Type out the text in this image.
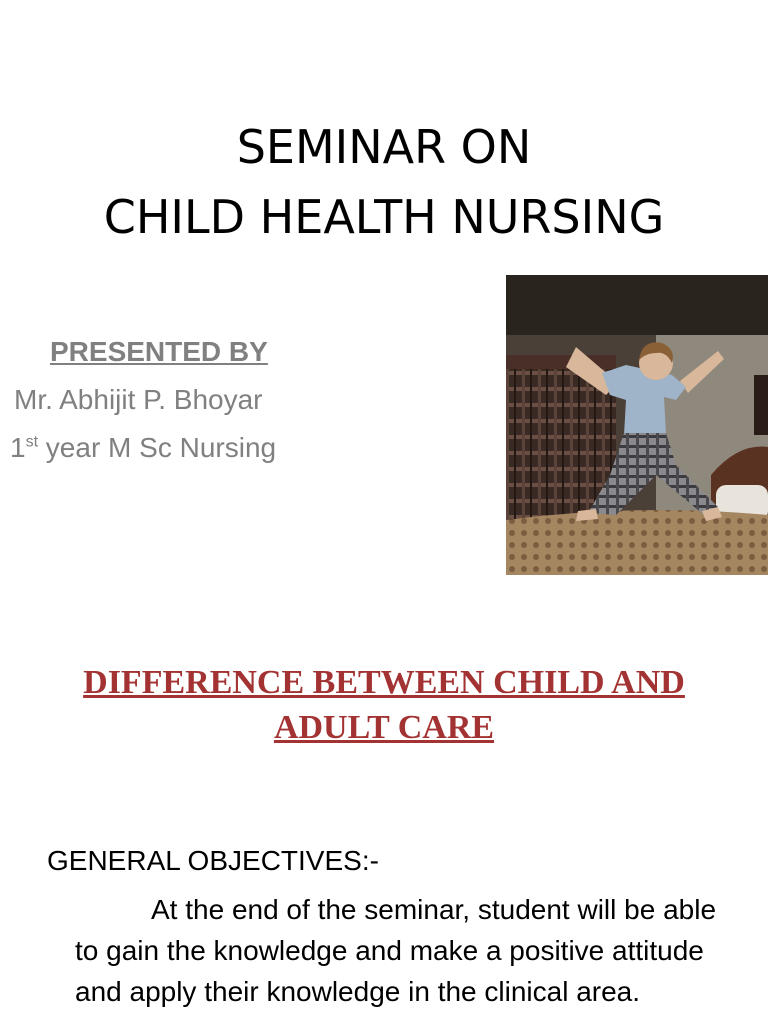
SEMINAR ON
CHILD HEALTH NURSING
PRESENTED BY
Mr. Abhijit P. Bhoyar
1st year M Sc Nursing
DIFFERENCE BETWEEN CHILD AND
ADULT CARE
GENERAL OBJECTIVES:-
At the end of the seminar, student will be able to gain the knowledge and make a positive attitude and apply their knowledge in the clinical area.
